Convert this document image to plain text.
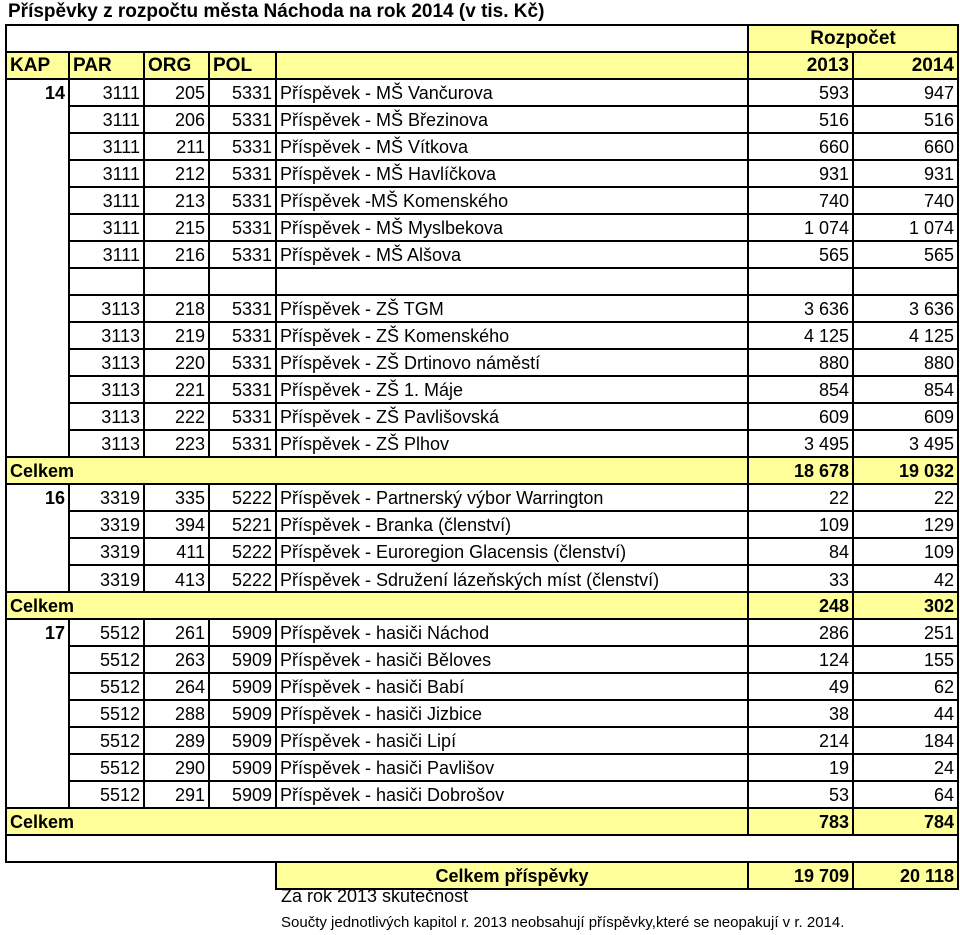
Příspěvky z rozpočtu města Náchoda na rok 2014 (v tis. Kč)
					Rozpočet	
KAP	PAR	ORG	POL		2013	2014
14	3111	205	5331	Příspěvek - MŠ Vančurova	593	947
	3111	206	5331	Příspěvek - MŠ Březinova	516	516
	3111	211	5331	Příspěvek - MŠ Vítkova	660	660
	3111	212	5331	Příspěvek - MŠ Havlíčkova	931	931
	3111	213	5331	Příspěvek -MŠ Komenského	740	740
	3111	215	5331	Příspěvek - MŠ Myslbekova	1 074	1 074
	3111	216	5331	Příspěvek - MŠ Alšova	565	565

	3113	218	5331	Příspěvek - ZŠ TGM	3 636	3 636
	3113	219	5331	Příspěvek - ZŠ Komenského	4 125	4 125
	3113	220	5331	Příspěvek - ZŠ Drtinovo náměstí	880	880
	3113	221	5331	Příspěvek - ZŠ 1. Máje	854	854
	3113	222	5331	Příspěvek - ZŠ Pavlišovská	609	609
	3113	223	5331	Příspěvek - ZŠ Plhov	3 495	3 495
Celkem					18 678	19 032
16	3319	335	5222	Příspěvek - Partnerský výbor Warrington	22	22
	3319	394	5221	Příspěvek - Branka (členství)	109	129
	3319	411	5222	Příspěvek - Euroregion Glacensis (členství)	84	109
	3319	413	5222	Příspěvek - Sdružení lázeňských míst (členství)	33	42
Celkem					248	302
17	5512	261	5909	Příspěvek - hasiči Náchod	286	251
	5512	263	5909	Příspěvek - hasiči Běloves	124	155
	5512	264	5909	Příspěvek - hasiči Babí	49	62
	5512	288	5909	Příspěvek - hasiči Jizbice	38	44
	5512	289	5909	Příspěvek - hasiči Lipí	214	184
	5512	290	5909	Příspěvek - hasiči Pavlišov	19	24
	5512	291	5909	Příspěvek - hasiči Dobrošov	53	64
Celkem					783	784

				Celkem příspěvky	19 709	20 118
Za rok 2013 skutečnost
Součty jednotlivých kapitol r. 2013 neobsahují příspěvky,které se neopakují v r. 2014.
